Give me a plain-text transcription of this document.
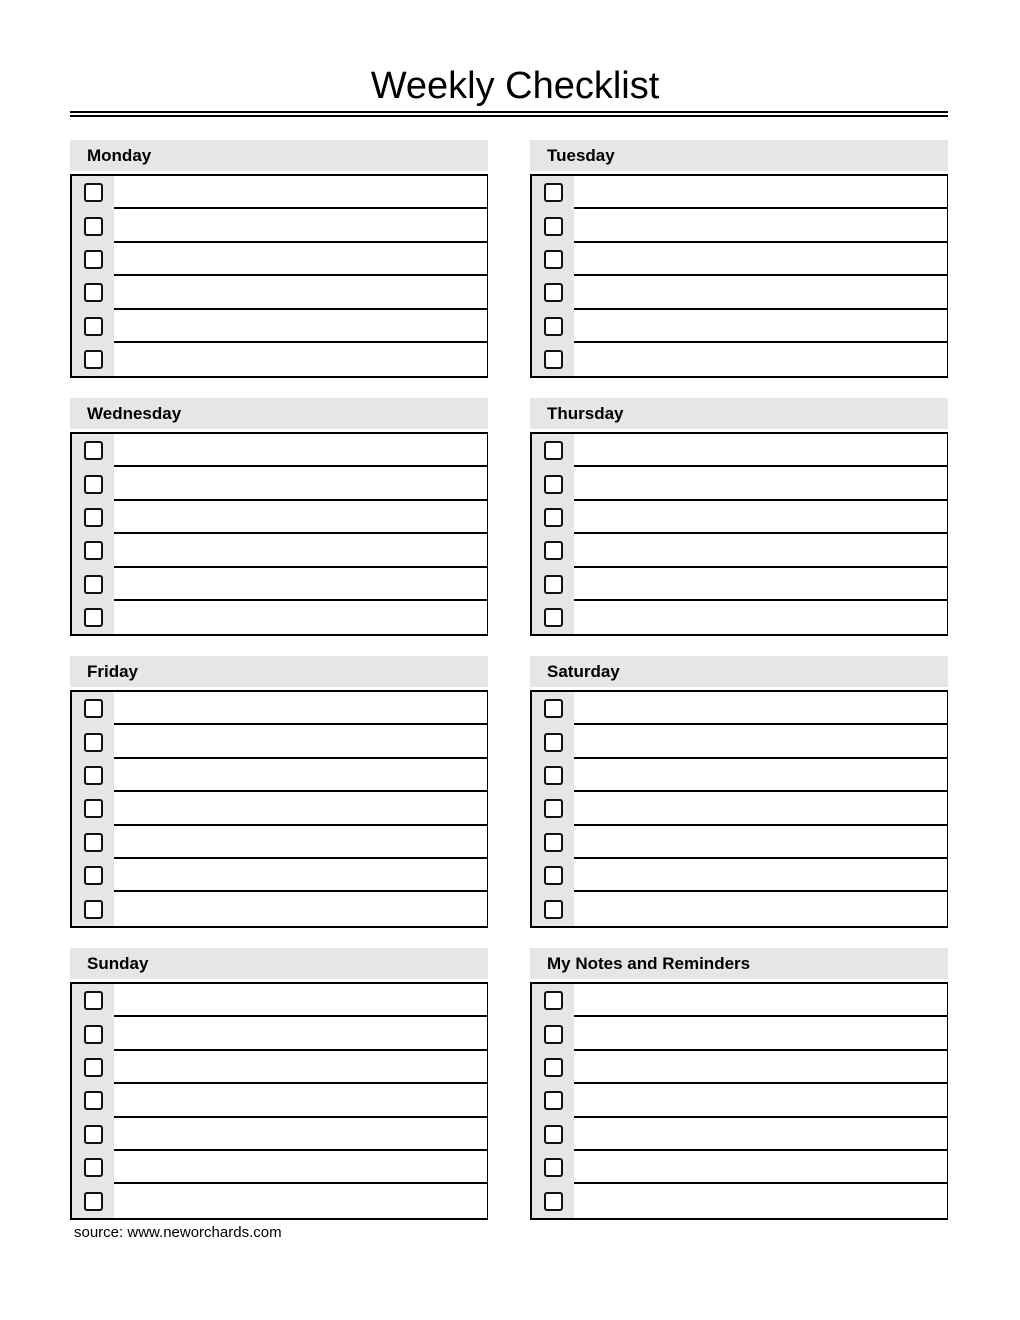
Weekly Checklist
Monday	Tuesday
Wednesday	Thursday
Friday	Saturday
Sunday	My Notes and Reminders
source: www.neworchards.com
